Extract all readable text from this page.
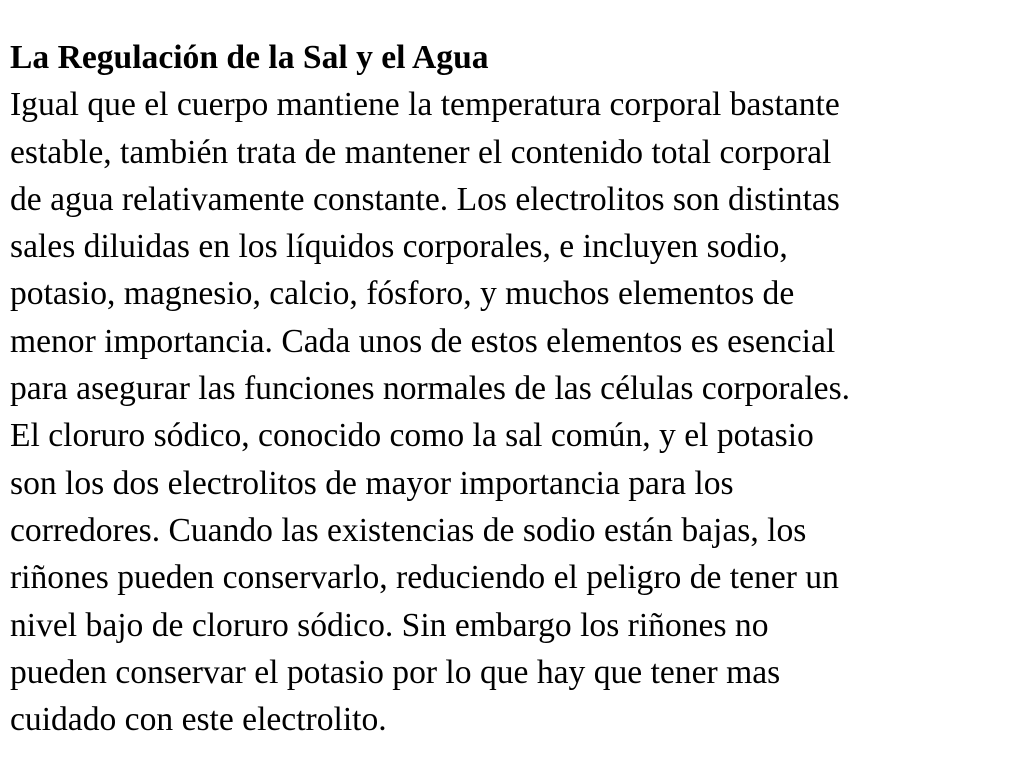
La Regulación de la Sal y el Agua
Igual que el cuerpo mantiene la temperatura corporal bastante
estable, también trata de mantener el contenido total corporal
de agua relativamente constante. Los electrolitos son distintas
sales diluidas en los líquidos corporales, e incluyen sodio,
potasio, magnesio, calcio, fósforo, y muchos elementos de
menor importancia. Cada unos de estos elementos es esencial
para asegurar las funciones normales de las células corporales.
El cloruro sódico, conocido como la sal común, y el potasio
son los dos electrolitos de mayor importancia para los
corredores. Cuando las existencias de sodio están bajas, los
riñones pueden conservarlo, reduciendo el peligro de tener un
nivel bajo de cloruro sódico. Sin embargo los riñones no
pueden conservar el potasio por lo que hay que tener mas
cuidado con este electrolito.
